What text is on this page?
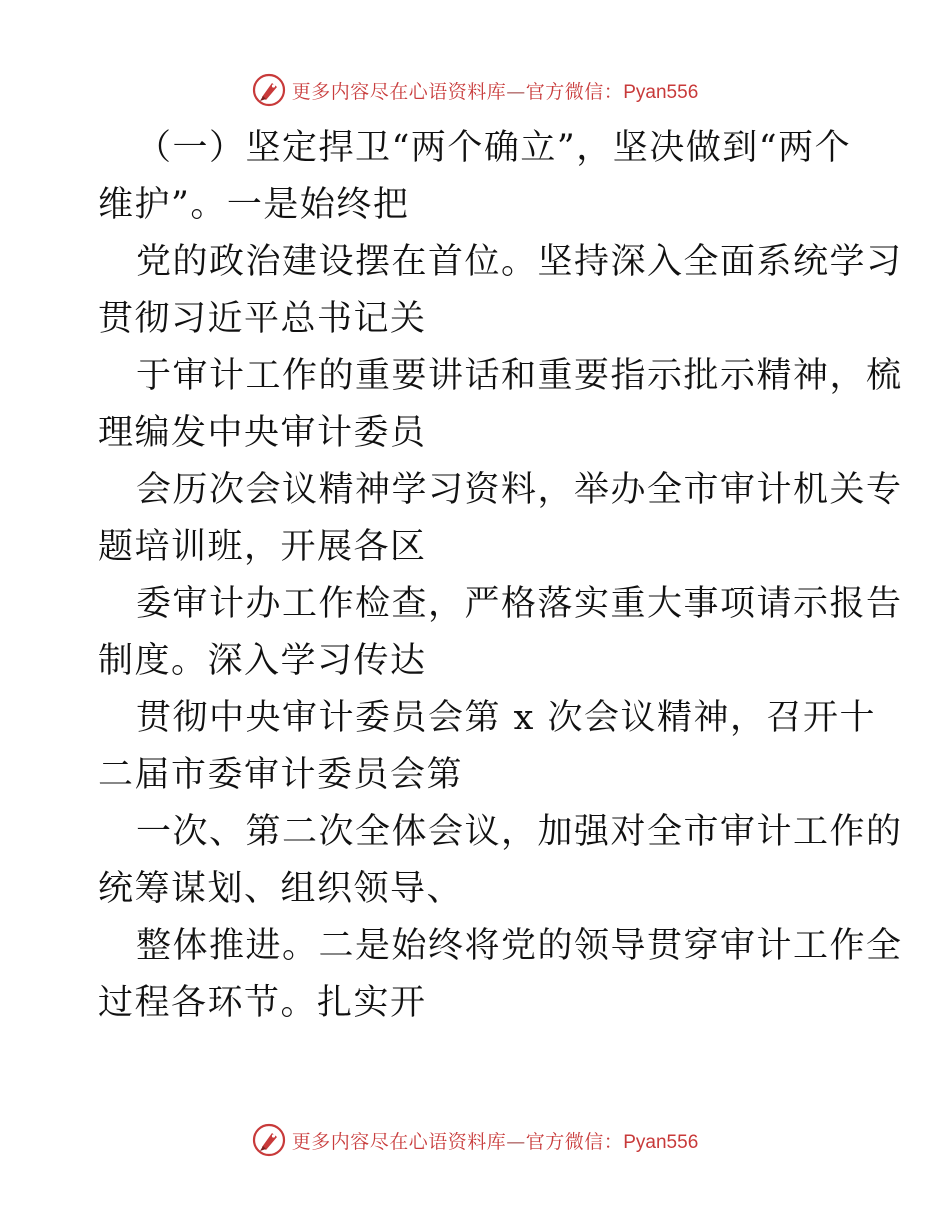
更多内容尽在心语资料库—官方微信：Pyan556
（一）坚定捍卫“两个确立”，坚决做到“两个
维护”。一是始终把
党的政治建设摆在首位。坚持深入全面系统学习
贯彻习近平总书记关
于审计工作的重要讲话和重要指示批示精神，梳
理编发中央审计委员
会历次会议精神学习资料，举办全市审计机关专
题培训班，开展各区
委审计办工作检查，严格落实重大事项请示报告
制度。深入学习传达
贯彻中央审计委员会第 x 次会议精神，召开十
二届市委审计委员会第
一次、第二次全体会议，加强对全市审计工作的
统筹谋划、组织领导、
整体推进。二是始终将党的领导贯穿审计工作全
过程各环节。扎实开
更多内容尽在心语资料库—官方微信：Pyan556
